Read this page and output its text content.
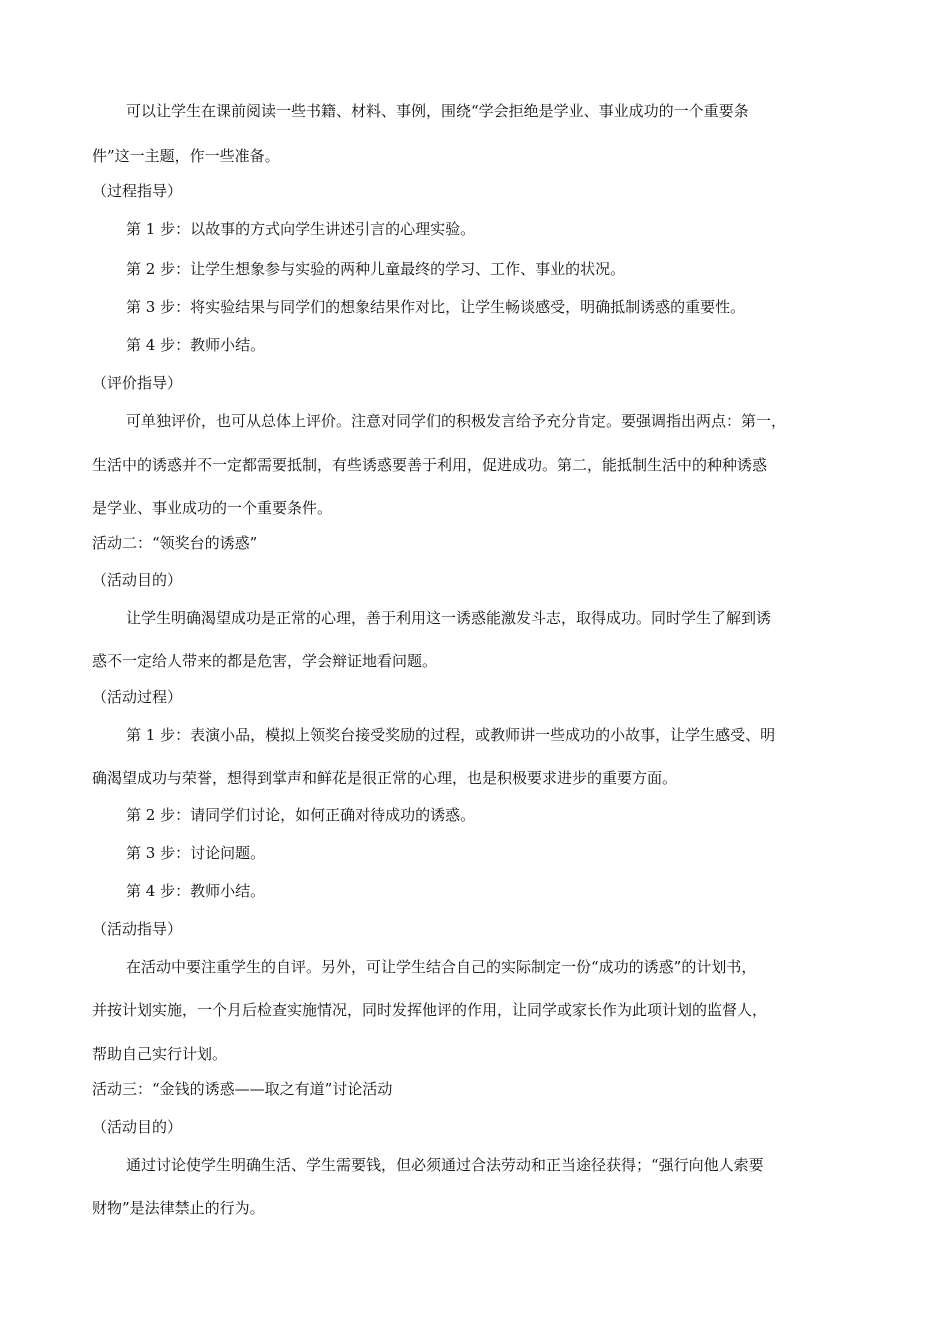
可以让学生在课前阅读一些书籍、材料、事例，围绕“学会拒绝是学业、事业成功的一个重要条
件”这一主题，作一些准备。
（过程指导）
第 1 步：以故事的方式向学生讲述引言的心理实验。
第 2 步：让学生想象参与实验的两种儿童最终的学习、工作、事业的状况。
第 3 步：将实验结果与同学们的想象结果作对比，让学生畅谈感受，明确抵制诱惑的重要性。
第 4 步：教师小结。
（评价指导）
可单独评价，也可从总体上评价。注意对同学们的积极发言给予充分肯定。要强调指出两点：第一，
生活中的诱惑并不一定都需要抵制，有些诱惑要善于利用，促进成功。第二，能抵制生活中的种种诱惑
是学业、事业成功的一个重要条件。
活动二：“领奖台的诱惑”
（活动目的）
让学生明确渴望成功是正常的心理，善于利用这一诱惑能激发斗志，取得成功。同时学生了解到诱
惑不一定给人带来的都是危害，学会辩证地看问题。
（活动过程）
第 1 步：表演小品，模拟上领奖台接受奖励的过程，或教师讲一些成功的小故事，让学生感受、明
确渴望成功与荣誉，想得到掌声和鲜花是很正常的心理，也是积极要求进步的重要方面。
第 2 步：请同学们讨论，如何正确对待成功的诱惑。
第 3 步：讨论问题。
第 4 步：教师小结。
（活动指导）
在活动中要注重学生的自评。另外，可让学生结合自己的实际制定一份“成功的诱惑”的计划书，
并按计划实施，一个月后检查实施情况，同时发挥他评的作用，让同学或家长作为此项计划的监督人，
帮助自己实行计划。
活动三：“金钱的诱惑——取之有道”讨论活动
（活动目的）
通过讨论使学生明确生活、学生需要钱，但必须通过合法劳动和正当途径获得；“强行向他人索要
财物”是法律禁止的行为。
